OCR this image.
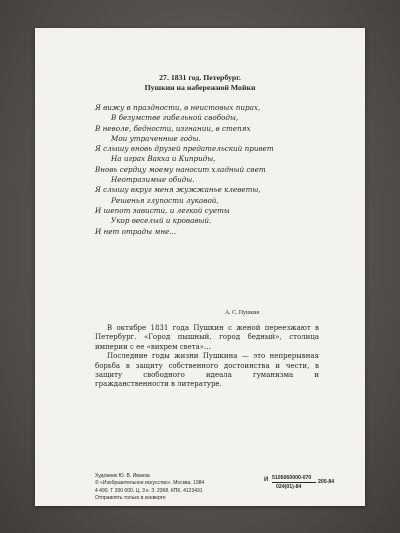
27. 1831 год. Петербург.
Пушкин на набережной Мойки
Я вижу в праздности, в неистовых пирах,
В безумстве гибельной свободы,
В неволе, бедности, изгнании, в степях
Мои утраченные годы.
Я слышу вновь друзей предательский привет
На играх Вакха и Киприды,
Вновь сердцу моему наносит хладный свет
Неотразимые обиды.
Я слышу вкруг меня жужжанье клеветы,
Решенья глупости лукавой,
И шепот зависти, и легкой суеты
Укор веселый и кровавый.
И нет отрады мне...
А. С. Пушкин

В октябре 1831 года Пушкин с женой переезжают в Петербург. «Город пышный, город бедный», столица империи с ее «вихрем света»...

Последние годы жизни Пушкина — это непрерывная борьба в защиту собственного достоинства и чести, в защиту свободного идеала гуманизма и гражданственности в литературе.

Художник Ю. В. Иванов
© «Изобразительное искусство». Москва. 1984
4 490. Т 200 000. Ц. 3 к. З. 2368. КПК. 4123431
Отправлять только в конверте
И 5105060000-070
205-84
024(01)-84
